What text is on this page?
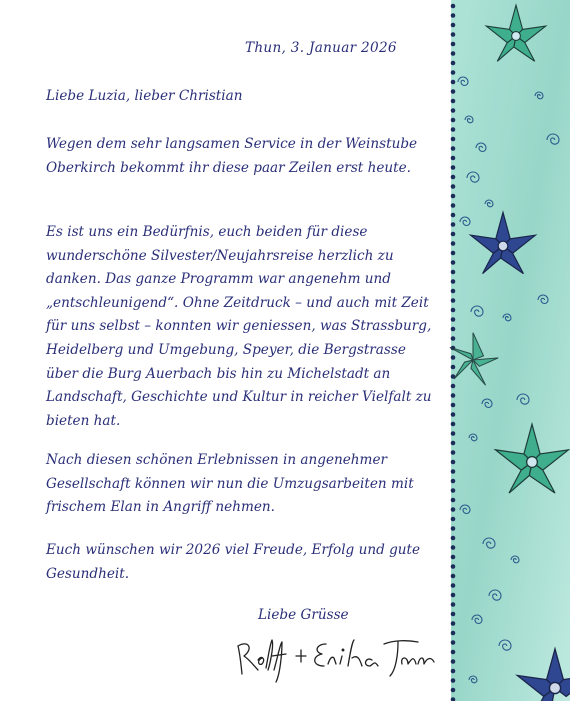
Thun, 3. Januar 2026
Liebe Luzia, lieber Christian

Wegen dem sehr langsamen Service in der Weinstube Oberkirch bekommt ihr diese paar Zeilen erst heute.

Es ist uns ein Bedürfnis, euch beiden für diese wunderschöne Silvester/Neujahrsreise herzlich zu danken. Das ganze Programm war angenehm und „entschleunigend“. Ohne Zeitdruck – und auch mit Zeit für uns selbst – konnten wir geniessen, was Strassburg, Heidelberg und Umgebung, Speyer, die Bergstrasse über die Burg Auerbach bis hin zu Michelstadt an Landschaft, Geschichte und Kultur in reicher Vielfalt zu bieten hat.

Nach diesen schönen Erlebnissen in angenehmer Gesellschaft können wir nun die Umzugsarbeiten mit frischem Elan in Angriff nehmen.

Euch wünschen wir 2026 viel Freude, Erfolg und gute Gesundheit.

Liebe Grüsse
